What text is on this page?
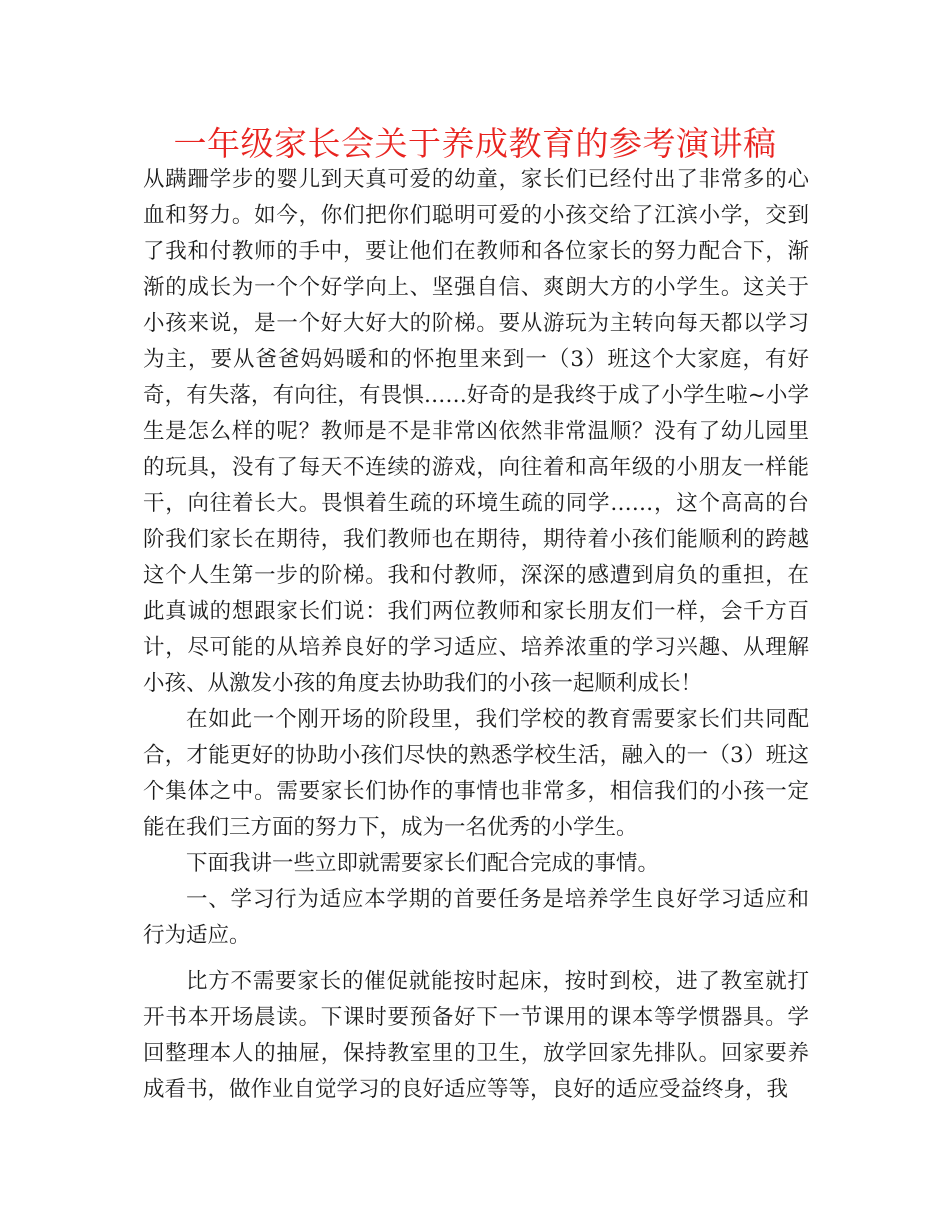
一年级家长会关于养成教育的参考演讲稿

从蹒跚学步的婴儿到天真可爱的幼童，家长们已经付出了非常多的心血和努力。如今，你们把你们聪明可爱的小孩交给了江滨小学，交到了我和付教师的手中，要让他们在教师和各位家长的努力配合下，渐渐的成长为一个个好学向上、坚强自信、爽朗大方的小学生。这关于小孩来说，是一个好大好大的阶梯。要从游玩为主转向每天都以学习为主，要从爸爸妈妈暖和的怀抱里来到一（3）班这个大家庭，有好奇，有失落，有向往，有畏惧……好奇的是我终于成了小学生啦~小学生是怎么样的呢？教师是不是非常凶依然非常温顺？没有了幼儿园里的玩具，没有了每天不连续的游戏，向往着和高年级的小朋友一样能干，向往着长大。畏惧着生疏的环境生疏的同学……，这个高高的台阶我们家长在期待，我们教师也在期待，期待着小孩们能顺利的跨越这个人生第一步的阶梯。我和付教师，深深的感遭到肩负的重担，在此真诚的想跟家长们说：我们两位教师和家长朋友们一样，会千方百计，尽可能的从培养良好的学习适应、培养浓重的学习兴趣、从理解小孩、从激发小孩的角度去协助我们的小孩一起顺利成长！

在如此一个刚开场的阶段里，我们学校的教育需要家长们共同配合，才能更好的协助小孩们尽快的熟悉学校生活，融入的一（3）班这个集体之中。需要家长们协作的事情也非常多，相信我们的小孩一定能在我们三方面的努力下，成为一名优秀的小学生。

下面我讲一些立即就需要家长们配合完成的事情。

一、学习行为适应本学期的首要任务是培养学生良好学习适应和行为适应。

比方不需要家长的催促就能按时起床，按时到校，进了教室就打开书本开场晨读。下课时要预备好下一节课用的课本等学惯器具。学回整理本人的抽屉，保持教室里的卫生，放学回家先排队。回家要养成看书，做作业自觉学习的良好适应等等，良好的适应受益终身，我
